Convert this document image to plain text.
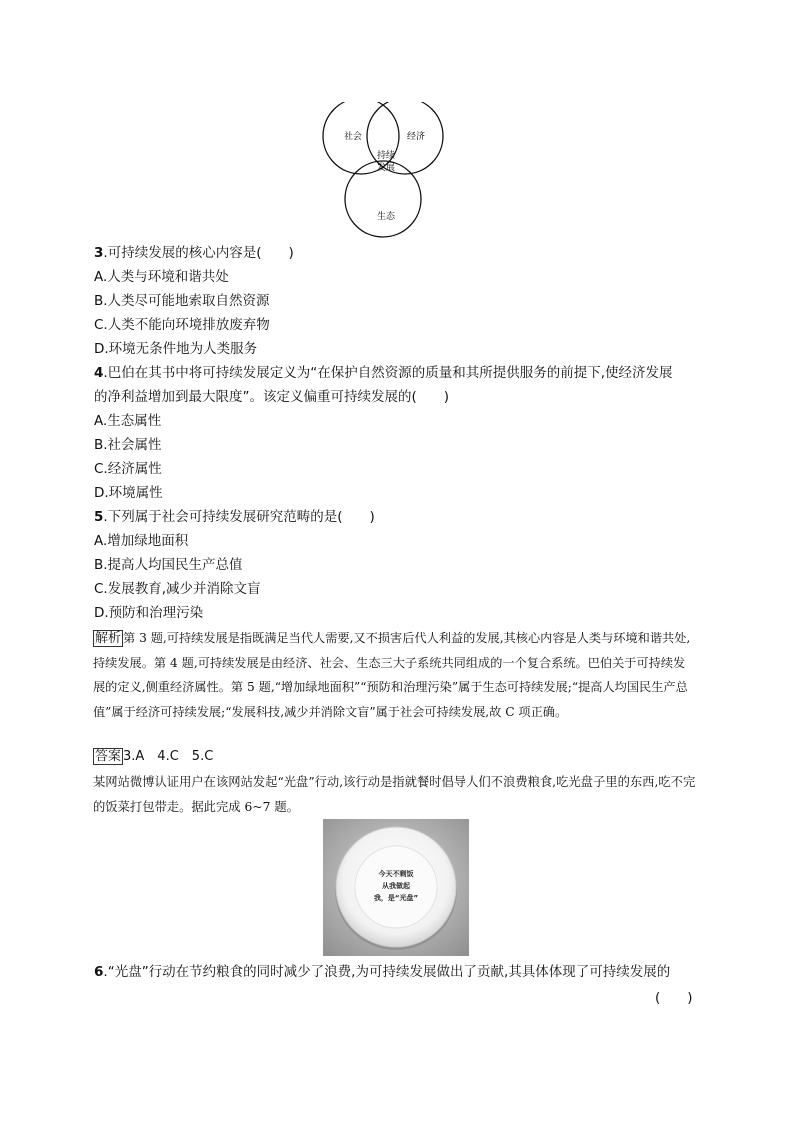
社会	经济
持续
发展
生态
3.可持续发展的核心内容是(　　)
A.人类与环境和谐共处
B.人类尽可能地索取自然资源
C.人类不能向环境排放废弃物
D.环境无条件地为人类服务
4.巴伯在其书中将可持续发展定义为“在保护自然资源的质量和其所提供服务的前提下,使经济发展
的净利益增加到最大限度”。该定义偏重可持续发展的(　　)
A.生态属性
B.社会属性
C.经济属性
D.环境属性
5.下列属于社会可持续发展研究范畴的是(　　)
A.增加绿地面积
B.提高人均国民生产总值
C.发展教育,减少并消除文盲
D.预防和治理污染
解析 第 3 题,可持续发展是指既满足当代人需要,又不损害后代人利益的发展,其核心内容是人类与环境和谐共处,持续发展。第 4 题,可持续发展是由经济、社会、生态三大子系统共同组成的一个复合系统。巴伯关于可持续发展的定义,侧重经济属性。第 5 题,“增加绿地面积”“预防和治理污染”属于生态可持续发展;“提高人均国民生产总值”属于经济可持续发展;“发展科技,减少并消除文盲”属于社会可持续发展,故 C 项正确。
答案 3.A　4.C　5.C
某网站微博认证用户在该网站发起“光盘”行动,该行动是指就餐时倡导人们不浪费粮食,吃光盘子里的东西,吃不完的饭菜打包带走。据此完成 6~7 题。
今天不剩饭
从我做起
我，是“光盘”
6.“光盘”行动在节约粮食的同时减少了浪费,为可持续发展做出了贡献,其具体体现了可持续发展的
(　　)
